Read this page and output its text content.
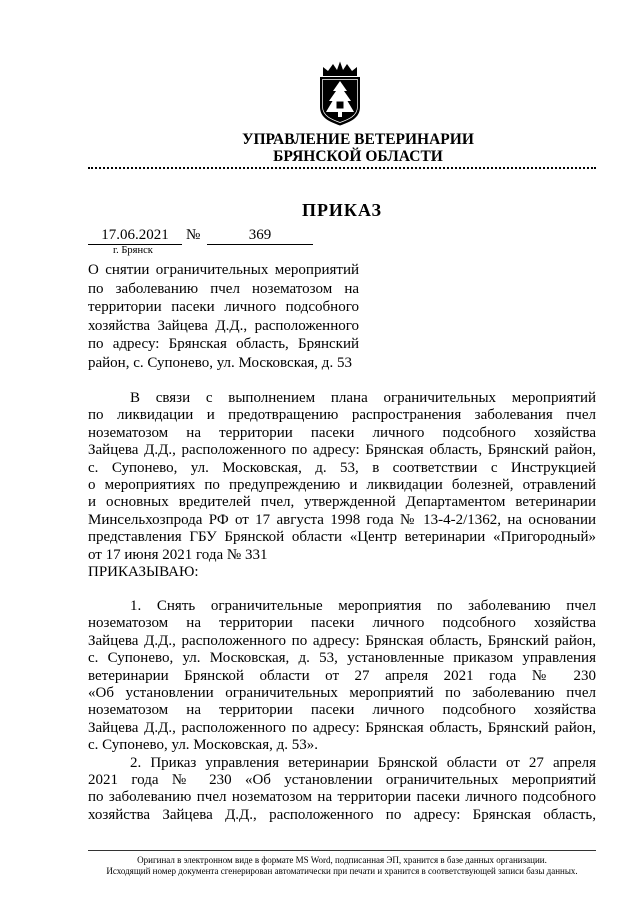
УПРАВЛЕНИЕ ВЕТЕРИНАРИИ
БРЯНСКОЙ ОБЛАСТИ
ПРИКАЗ
17.06.2021	№	369
г. Брянск
О снятии ограничительных мероприятий
по заболеванию пчел нозематозом на
территории пасеки личного подсобного
хозяйства Зайцева Д.Д., расположенного
по адресу: Брянская область, Брянский
район, с. Супонево, ул. Московская, д. 53
В связи с выполнением плана ограничительных мероприятий
по ликвидации и предотвращению распространения заболевания пчел
нозематозом на территории пасеки личного подсобного хозяйства
Зайцева Д.Д., расположенного по адресу: Брянская область, Брянский район,
с. Супонево, ул. Московская, д. 53, в соответствии с Инструкцией
о мероприятиях по предупреждению и ликвидации болезней, отравлений
и основных вредителей пчел, утвержденной Департаментом ветеринарии
Минсельхозпрода РФ от 17 августа 1998 года № 13-4-2/1362, на основании
представления ГБУ Брянской области «Центр ветеринарии «Пригородный»
от 17 июня 2021 года № 331
ПРИКАЗЫВАЮ:
1. Снять ограничительные мероприятия по заболеванию пчел
нозематозом на территории пасеки личного подсобного хозяйства
Зайцева Д.Д., расположенного по адресу: Брянская область, Брянский район,
с. Супонево, ул. Московская, д. 53, установленные приказом управления
ветеринарии Брянской области от 27 апреля 2021 года № 230
«Об установлении ограничительных мероприятий по заболеванию пчел
нозематозом на территории пасеки личного подсобного хозяйства
Зайцева Д.Д., расположенного по адресу: Брянская область, Брянский район,
с. Супонево, ул. Московская, д. 53».
2. Приказ управления ветеринарии Брянской области от 27 апреля
2021 года № 230 «Об установлении ограничительных мероприятий
по заболеванию пчел нозематозом на территории пасеки личного подсобного
хозяйства Зайцева Д.Д., расположенного по адресу: Брянская область,
Оригинал в электронном виде в формате MS Word, подписанная ЭП, хранится в базе данных организации.
Исходящий номер документа сгенерирован автоматически при печати и хранится в соответствующей записи базы данных.
